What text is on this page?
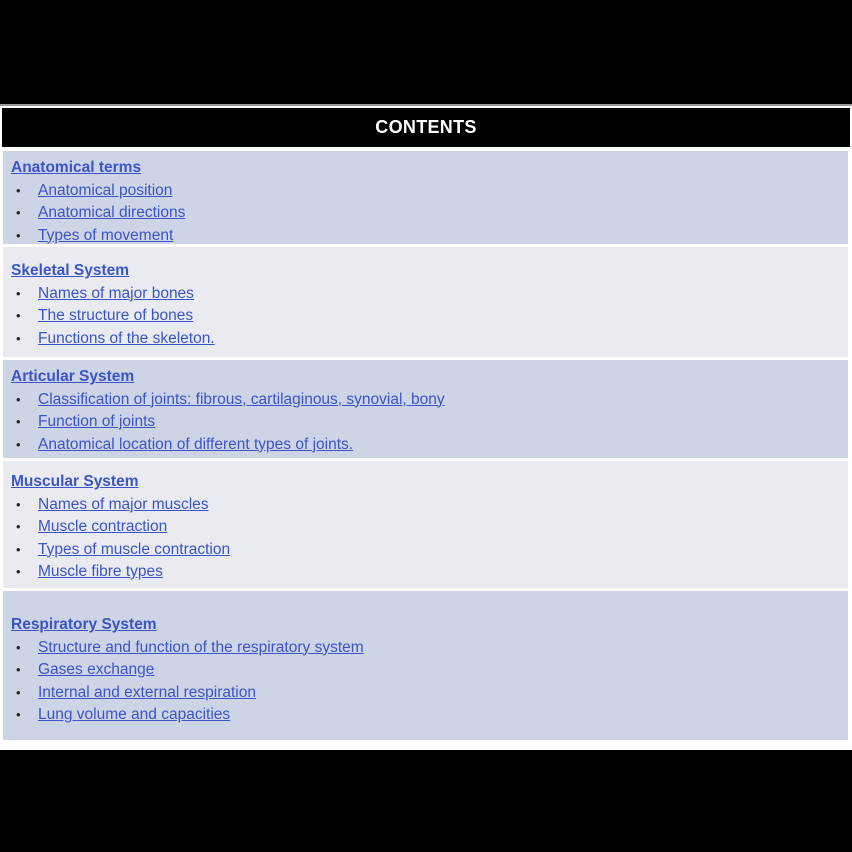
CONTENTS
Anatomical terms
•	Anatomical position
•	Anatomical directions
•	Types of movement
Skeletal System
•	Names of major bones
•	The structure of bones
•	Functions of the skeleton.
Articular System
•	Classification of joints: fibrous, cartilaginous, synovial, bony
•	Function of joints
•	Anatomical location of different types of joints.
Muscular System
•	Names of major muscles
•	Muscle contraction
•	Types of muscle contraction
•	Muscle fibre types
Respiratory System
•	Structure and function of the respiratory system
•	Gases exchange
•	Internal and external respiration
•	Lung volume and capacities
